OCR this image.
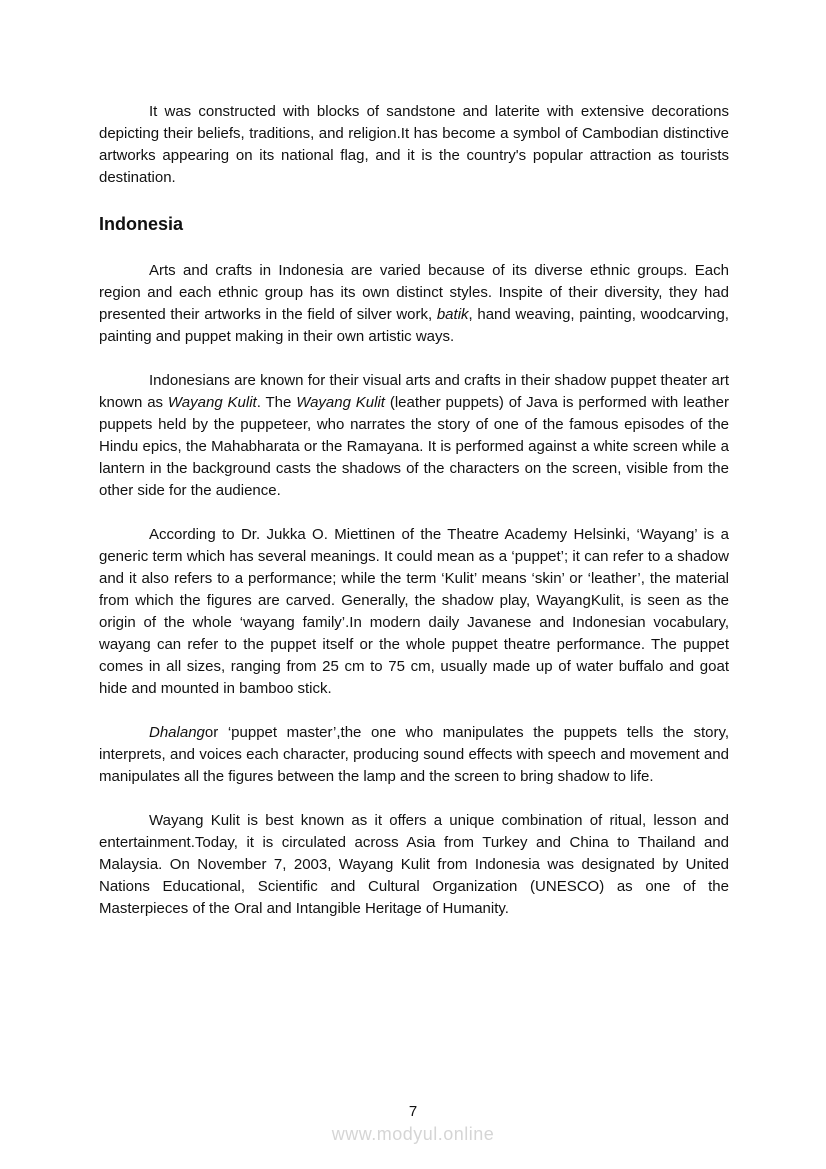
It was constructed with blocks of sandstone and laterite with extensive decorations depicting their beliefs, traditions, and religion.It has become a symbol of Cambodian distinctive artworks appearing on its national flag, and it is the country's popular attraction as tourists destination.

Indonesia

Arts and crafts in Indonesia are varied because of its diverse ethnic groups. Each region and each ethnic group has its own distinct styles. Inspite of their diversity, they had presented their artworks in the field of silver work, batik, hand weaving, painting, woodcarving, painting and puppet making in their own artistic ways.

Indonesians are known for their visual arts and crafts in their shadow puppet theater art known as Wayang Kulit. The Wayang Kulit (leather puppets) of Java is performed with leather puppets held by the puppeteer, who narrates the story of one of the famous episodes of the Hindu epics, the Mahabharata or the Ramayana. It is performed against a white screen while a lantern in the background casts the shadows of the characters on the screen, visible from the other side for the audience.

According to Dr. Jukka O. Miettinen of the Theatre Academy Helsinki, ‘Wayang’ is a generic term which has several meanings. It could mean as a ‘puppet’; it can refer to a shadow and it also refers to a performance; while the term ‘Kulit’ means ‘skin’ or ‘leather’, the material from which the figures are carved. Generally, the shadow play, WayangKulit, is seen as the origin of the whole ‘wayang family’.In modern daily Javanese and Indonesian vocabulary, wayang can refer to the puppet itself or the whole puppet theatre performance. The puppet comes in all sizes, ranging from 25 cm to 75 cm, usually made up of water buffalo and goat hide and mounted in bamboo stick.

Dhalangor ‘puppet master’,the one who manipulates the puppets tells the story, interprets, and voices each character, producing sound effects with speech and movement and manipulates all the figures between the lamp and the screen to bring shadow to life.

Wayang Kulit is best known as it offers a unique combination of ritual, lesson and entertainment.Today, it is circulated across Asia from Turkey and China to Thailand and Malaysia. On November 7, 2003, Wayang Kulit from Indonesia was designated by United Nations Educational, Scientific and Cultural Organization (UNESCO) as one of the Masterpieces of the Oral and Intangible Heritage of Humanity.

7
www.modyul.online
